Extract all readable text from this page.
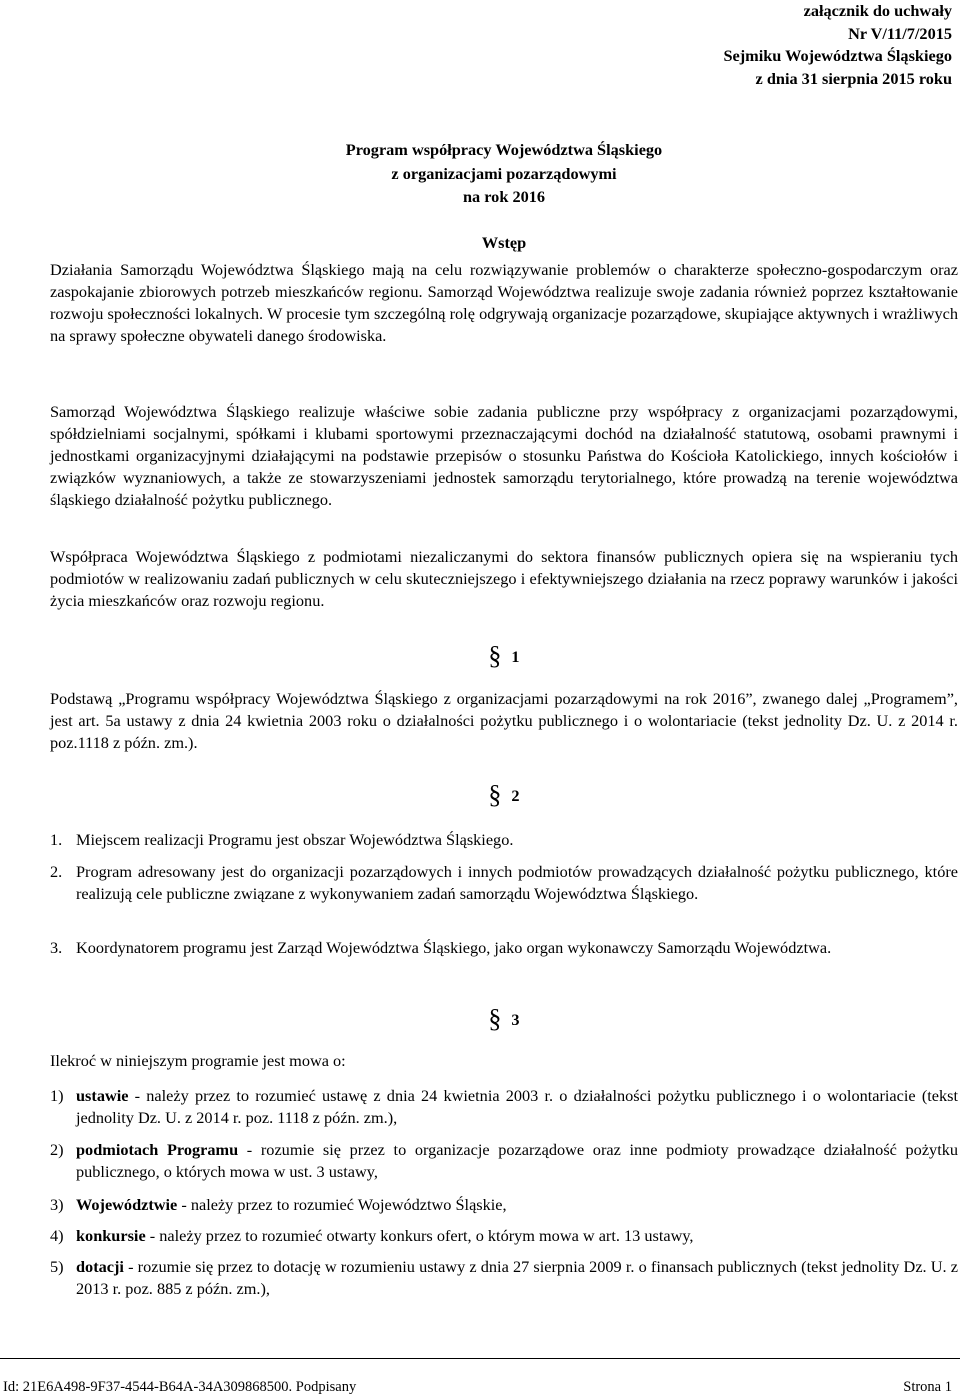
załącznik do uchwały
Nr V/11/7/2015
Sejmiku Województwa Śląskiego
z dnia 31 sierpnia 2015 roku
Program współpracy Województwa Śląskiego
z organizacjami pozarządowymi
na rok 2016
Wstęp

Działania Samorządu Województwa Śląskiego mają na celu rozwiązywanie problemów o charakterze społeczno-gospodarczym oraz zaspokajanie zbiorowych potrzeb mieszkańców regionu. Samorząd Województwa realizuje swoje zadania również poprzez kształtowanie rozwoju społeczności lokalnych. W procesie tym szczególną rolę odgrywają organizacje pozarządowe, skupiające aktywnych i wrażliwych na sprawy społeczne obywateli danego środowiska.

Samorząd Województwa Śląskiego realizuje właściwe sobie zadania publiczne przy współpracy z organizacjami pozarządowymi, spółdzielniami socjalnymi, spółkami i klubami sportowymi przeznaczającymi dochód na działalność statutową, osobami prawnymi i jednostkami organizacyjnymi działającymi na podstawie przepisów o stosunku Państwa do Kościoła Katolickiego, innych kościołów i związków wyznaniowych, a także ze stowarzyszeniami jednostek samorządu terytorialnego, które prowadzą na terenie województwa śląskiego działalność pożytku publicznego.

Współpraca Województwa Śląskiego z podmiotami niezaliczanymi do sektora finansów publicznych opiera się na wspieraniu tych podmiotów w realizowaniu zadań publicznych w celu skuteczniejszego i efektywniejszego działania na rzecz poprawy warunków i jakości życia mieszkańców oraz rozwoju regionu.

§ 1

Podstawą „Programu współpracy Województwa Śląskiego z organizacjami pozarządowymi na rok 2016”, zwanego dalej „Programem”, jest art. 5a ustawy z dnia 24 kwietnia 2003 roku o działalności pożytku publicznego i o wolontariacie (tekst jednolity Dz. U. z 2014 r. poz.1118 z późn. zm.).

§ 2
1. Miejscem realizacji Programu jest obszar Województwa Śląskiego.
2. Program adresowany jest do organizacji pozarządowych i innych podmiotów prowadzących działalność pożytku publicznego, które realizują cele publiczne związane z wykonywaniem zadań samorządu Województwa Śląskiego.
3. Koordynatorem programu jest Zarząd Województwa Śląskiego, jako organ wykonawczy Samorządu Województwa.
§ 3

Ilekroć w niniejszym programie jest mowa o:

1) ustawie - należy przez to rozumieć ustawę z dnia 24 kwietnia 2003 r. o działalności pożytku publicznego i o wolontariacie (tekst jednolity Dz. U. z 2014 r. poz. 1118 z późn. zm.),
2) podmiotach Programu - rozumie się przez to organizacje pozarządowe oraz inne podmioty prowadzące działalność pożytku publicznego, o których mowa w ust. 3 ustawy,
3) Województwie - należy przez to rozumieć Województwo Śląskie,
4) konkursie - należy przez to rozumieć otwarty konkurs ofert, o którym mowa w art. 13 ustawy,
5) dotacji - rozumie się przez to dotację w rozumieniu ustawy z dnia 27 sierpnia 2009 r. o finansach publicznych (tekst jednolity Dz. U. z 2013 r. poz. 885 z późn. zm.),
Id: 21E6A498-9F37-4544-B64A-34A309868500. Podpisany	Strona 1
